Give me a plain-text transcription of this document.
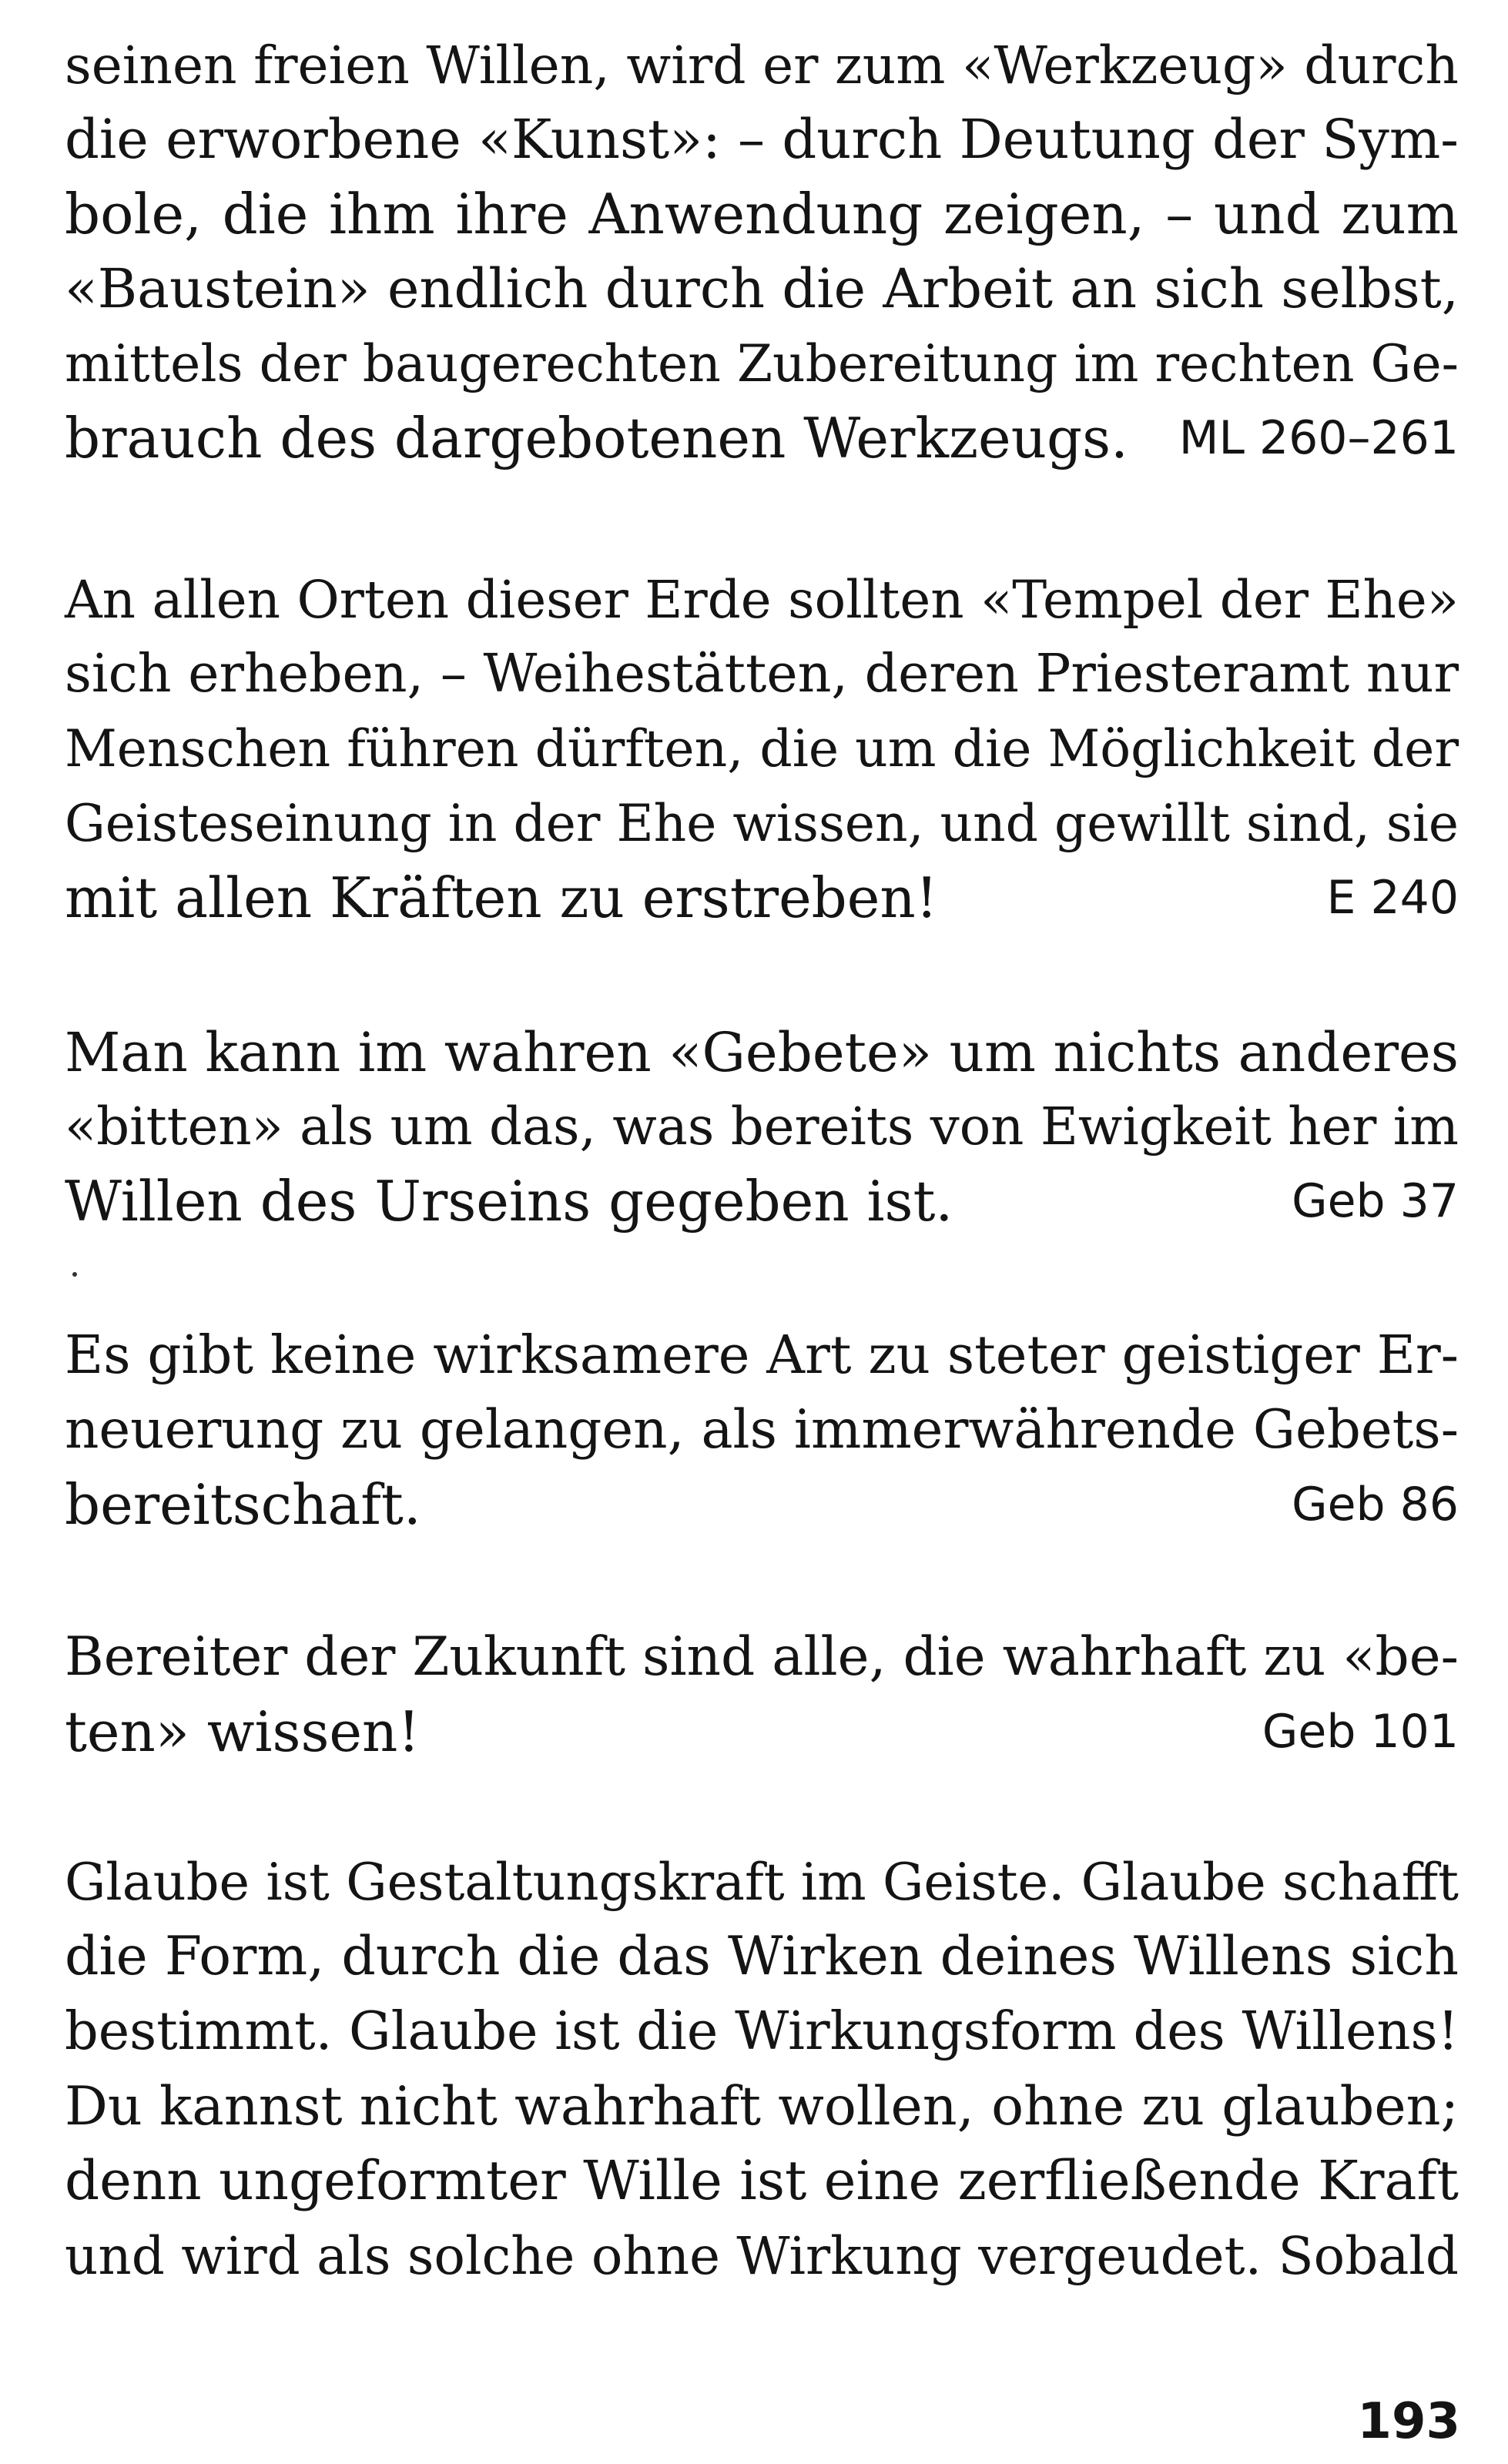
seinen freien Willen, wird er zum «Werkzeug» durch
die erworbene «Kunst»: – durch Deutung der Sym-
bole, die ihm ihre Anwendung zeigen, – und zum
«Baustein» endlich durch die Arbeit an sich selbst,
mittels der baugerechten Zubereitung im rechten Ge-
brauch des dargebotenen Werkzeugs. ML 260–261
An allen Orten dieser Erde sollten «Tempel der Ehe»
sich erheben, – Weihestätten, deren Priesteramt nur
Menschen führen dürften, die um die Möglichkeit der
Geisteseinung in der Ehe wissen, und gewillt sind, sie
mit allen Kräften zu erstreben!	E 240
Man kann im wahren «Gebete» um nichts anderes
«bitten» als um das, was bereits von Ewigkeit her im
Willen des Urseins gegeben ist.	Geb 37
Es gibt keine wirksamere Art zu steter geistiger Er-
neuerung zu gelangen, als immerwährende Gebets-
bereitschaft.	Geb 86
Bereiter der Zukunft sind alle, die wahrhaft zu «be-
ten» wissen!	Geb 101
Glaube ist Gestaltungskraft im Geiste. Glaube schafft
die Form, durch die das Wirken deines Willens sich
bestimmt. Glaube ist die Wirkungsform des Willens!
Du kannst nicht wahrhaft wollen, ohne zu glauben;
denn ungeformter Wille ist eine zerfließende Kraft
und wird als solche ohne Wirkung vergeudet. Sobald
193
